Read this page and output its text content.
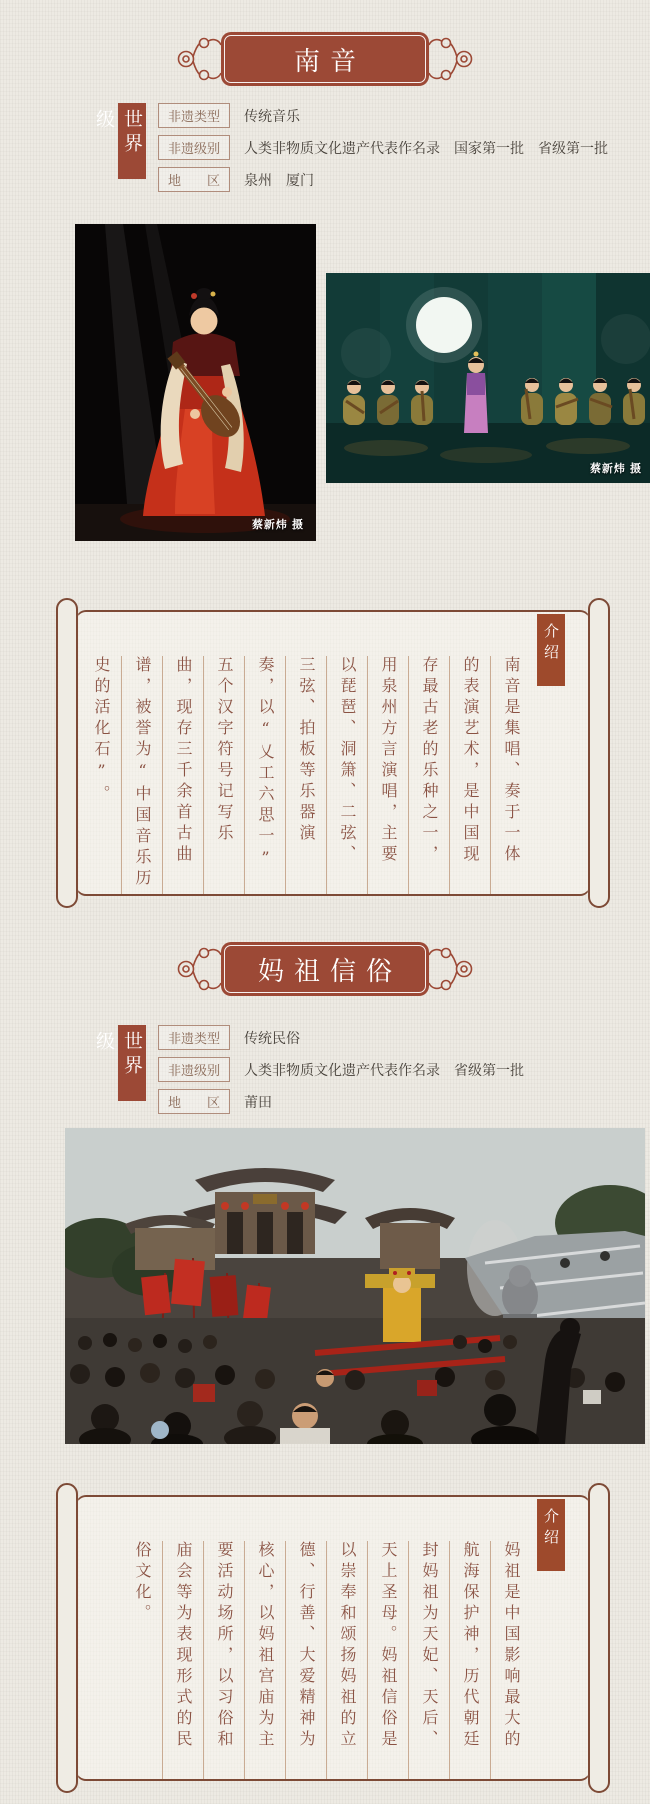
南音
世界级	非遗类型	传统音乐
非遗级别	人类非物质文化遗产代表作名录　国家第一批　省级第一批
地　　区	泉州　厦门
蔡新炜 摄
蔡新炜 摄
介绍
南音是集唱、奏于一体
的表演艺术，是中国现
存最古老的乐种之一，
用泉州方言演唱，主要
以琵琶、洞箫、二弦、
三弦、拍板等乐器演
奏，以“乂工六思一”
五个汉字符号记写乐
曲，现存三千余首古曲
谱，被誉为“中国音乐历
史的活化石”。
妈祖信俗
世界级	非遗类型	传统民俗
非遗级别	人类非物质文化遗产代表作名录　省级第一批
地　　区	莆田
介绍
妈祖是中国影响最大的
航海保护神，历代朝廷
封妈祖为天妃、天后、
天上圣母。妈祖信俗是
以崇奉和颂扬妈祖的立
德、行善、大爱精神为
核心，以妈祖宫庙为主
要活动场所，以习俗和
庙会等为表现形式的民
俗文化。
